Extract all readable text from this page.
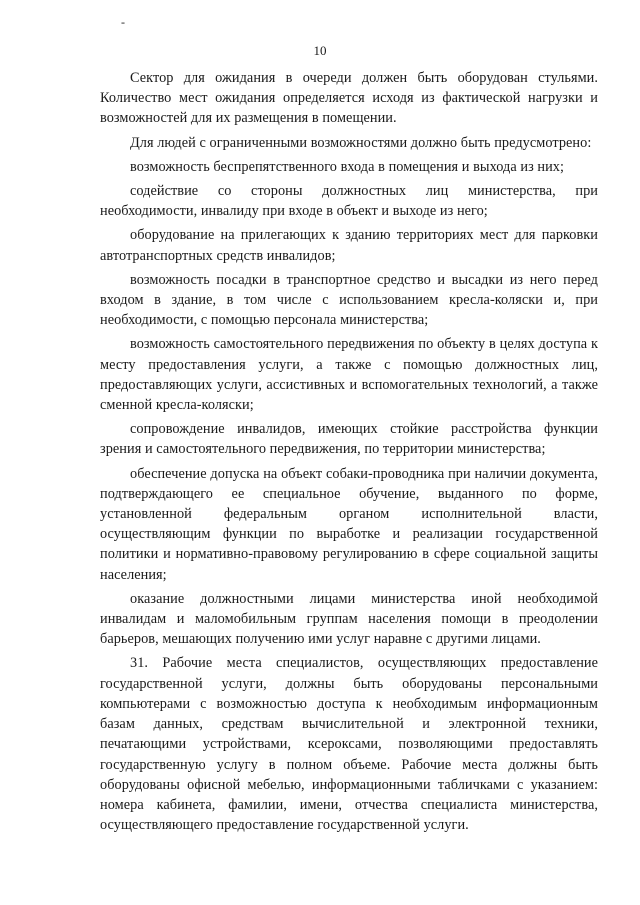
-
10

Сектор для ожидания в очереди должен быть оборудован стульями. Количество мест ожидания определяется исходя из фактической нагрузки и возможностей для их размещения в помещении.

Для людей с ограниченными возможностями должно быть предусмотрено:

возможность беспрепятственного входа в помещения и выхода из них;

содействие со стороны должностных лиц министерства, при необходимости, инвалиду при входе в объект и выходе из него;

оборудование на прилегающих к зданию территориях мест для парковки автотранспортных средств инвалидов;

возможность посадки в транспортное средство и высадки из него перед входом в здание, в том числе с использованием кресла-коляски и, при необходимости, с помощью персонала министерства;

возможность самостоятельного передвижения по объекту в целях доступа к месту предоставления услуги, а также с помощью должностных лиц, предоставляющих услуги, ассистивных и вспомогательных технологий, а также сменной кресла-коляски;

сопровождение инвалидов, имеющих стойкие расстройства функции зрения и самостоятельного передвижения, по территории министерства;

обеспечение допуска на объект собаки-проводника при наличии документа, подтверждающего ее специальное обучение, выданного по форме, установленной федеральным органом исполнительной власти, осуществляющим функции по выработке и реализации государственной политики и нормативно-правовому регулированию в сфере социальной защиты населения;

оказание должностными лицами министерства иной необходимой инвалидам и маломобильным группам населения помощи в преодолении барьеров, мешающих получению ими услуг наравне с другими лицами.

31. Рабочие места специалистов, осуществляющих предоставление государственной услуги, должны быть оборудованы персональными компьютерами с возможностью доступа к необходимым информационным базам данных, средствам вычислительной и электронной техники, печатающими устройствами, ксероксами, позволяющими предоставлять государственную услугу в полном объеме. Рабочие места должны быть оборудованы офисной мебелью, информационными табличками с указанием: номера кабинета, фамилии, имени, отчества специалиста министерства, осуществляющего предоставление государственной услуги.
